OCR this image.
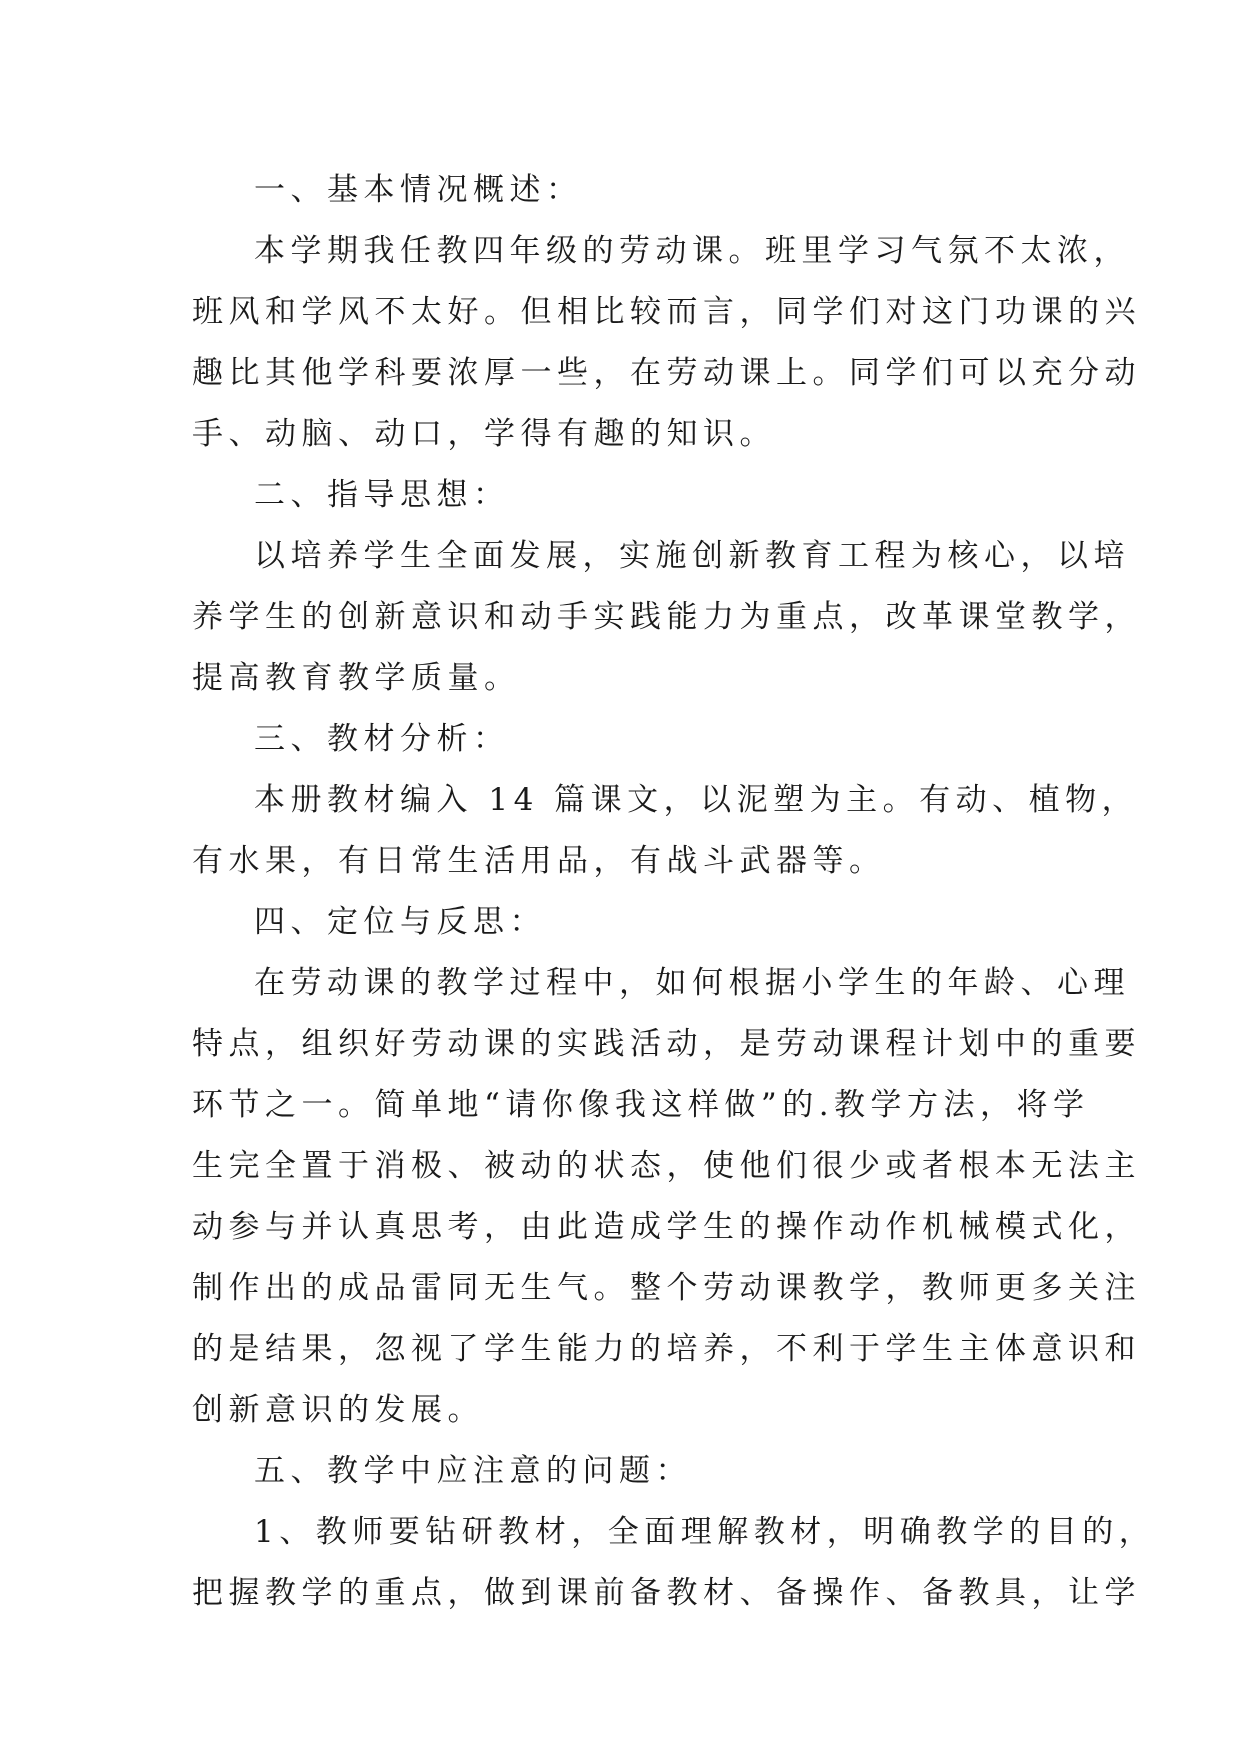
一、基本情况概述：
本学期我任教四年级的劳动课。班里学习气氛不太浓，
班风和学风不太好。但相比较而言，同学们对这门功课的兴
趣比其他学科要浓厚一些，在劳动课上。同学们可以充分动
手、动脑、动口，学得有趣的知识。
二、指导思想：
以培养学生全面发展，实施创新教育工程为核心，以培
养学生的创新意识和动手实践能力为重点，改革课堂教学，
提高教育教学质量。
三、教材分析：
本册教材编入 14 篇课文，以泥塑为主。有动、植物，
有水果，有日常生活用品，有战斗武器等。
四、定位与反思：
在劳动课的教学过程中，如何根据小学生的年龄、心理
特点，组织好劳动课的实践活动，是劳动课程计划中的重要
环节之一。简单地“请你像我这样做”的.教学方法，将学
生完全置于消极、被动的状态，使他们很少或者根本无法主
动参与并认真思考，由此造成学生的操作动作机械模式化，
制作出的成品雷同无生气。整个劳动课教学，教师更多关注
的是结果，忽视了学生能力的培养，不利于学生主体意识和
创新意识的发展。
五、教学中应注意的问题：
1、教师要钻研教材，全面理解教材，明确教学的目的，
把握教学的重点，做到课前备教材、备操作、备教具，让学
